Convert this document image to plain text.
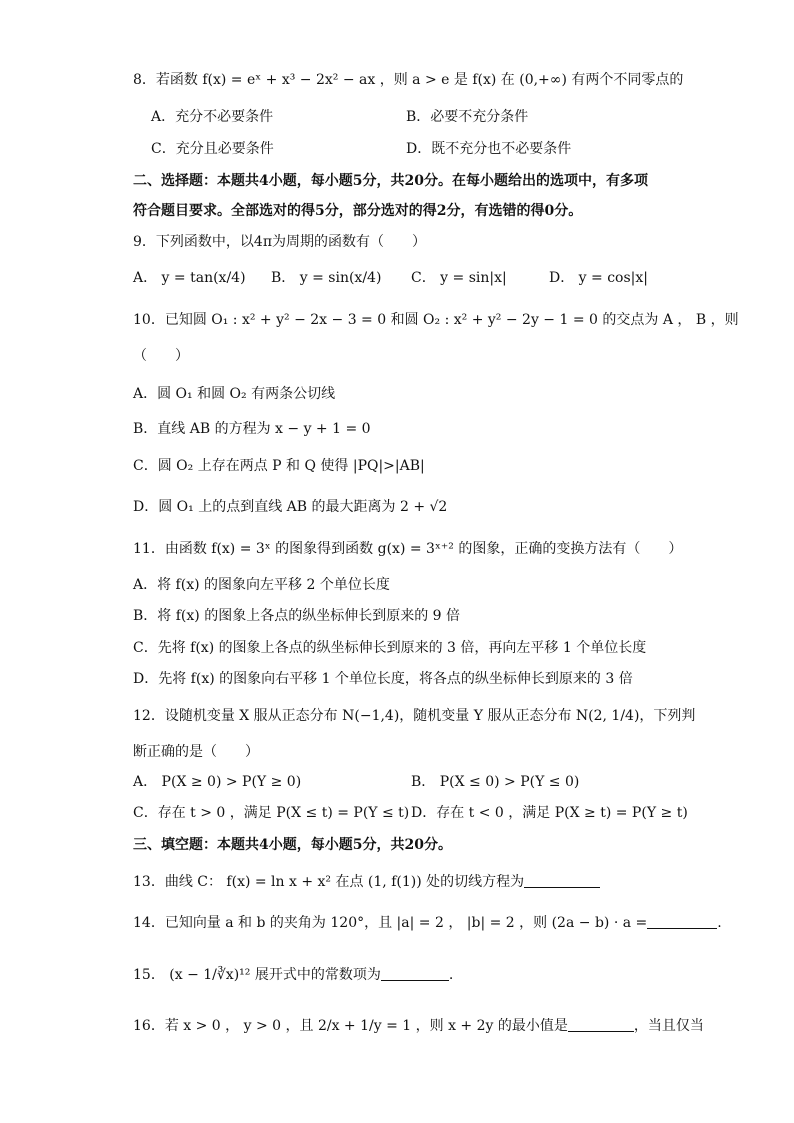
8．若函数 f(x) = eˣ + x³ − 2x² − ax ，则 a > e 是 f(x) 在 (0,+∞) 有两个不同零点的
A．充分不必要条件	B．必要不充分条件
C．充分且必要条件	D．既不充分也不必要条件
二、选择题：本题共4小题，每小题5分，共20分。在每小题给出的选项中，有多项
符合题目要求。全部选对的得5分，部分选对的得2分，有选错的得0分。
9．下列函数中，以4π为周期的函数有（　　）
A． y = tan(x/4) B． y = sin(x/4) C． y = sin|x|	D． y = cos|x|
10．已知圆 O₁ : x² + y² − 2x − 3 = 0 和圆 O₂ : x² + y² − 2y − 1 = 0 的交点为 A ， B ，则
（　　）
A．圆 O₁ 和圆 O₂ 有两条公切线
B．直线 AB 的方程为 x − y + 1 = 0
C．圆 O₂ 上存在两点 P 和 Q 使得 |PQ|>|AB|
D．圆 O₁ 上的点到直线 AB 的最大距离为 2 + √2
11．由函数 f(x) = 3ˣ 的图象得到函数 g(x) = 3ˣ⁺² 的图象，正确的变换方法有（　　）
A．将 f(x) 的图象向左平移 2 个单位长度
B．将 f(x) 的图象上各点的纵坐标伸长到原来的 9 倍
C．先将 f(x) 的图象上各点的纵坐标伸长到原来的 3 倍，再向左平移 1 个单位长度
D．先将 f(x) 的图象向右平移 1 个单位长度，将各点的纵坐标伸长到原来的 3 倍
12．设随机变量 X 服从正态分布 N(−1,4)，随机变量 Y 服从正态分布 N(2, 1/4)，下列判
断正确的是（　　）
A． P(X ≥ 0) > P(Y ≥ 0)	B． P(X ≤ 0) > P(Y ≤ 0)
C．存在 t > 0 ，满足 P(X ≤ t) = P(Y ≤ t) D．存在 t < 0 ，满足 P(X ≥ t) = P(Y ≥ t)
三、填空题：本题共4小题，每小题5分，共20分。
13．曲线 C： f(x) = ln x + x² 在点 (1, f(1)) 处的切线方程为
14．已知向量 a 和 b 的夹角为 120°，且 |a| = 2 ， |b| = 2 ，则 (2a − b) · a =	.
15． (x − 1/∛x)¹² 展开式中的常数项为	.
16．若 x > 0 ， y > 0 ，且 2/x + 1/y = 1 ，则 x + 2y 的最小值是	，当且仅当
